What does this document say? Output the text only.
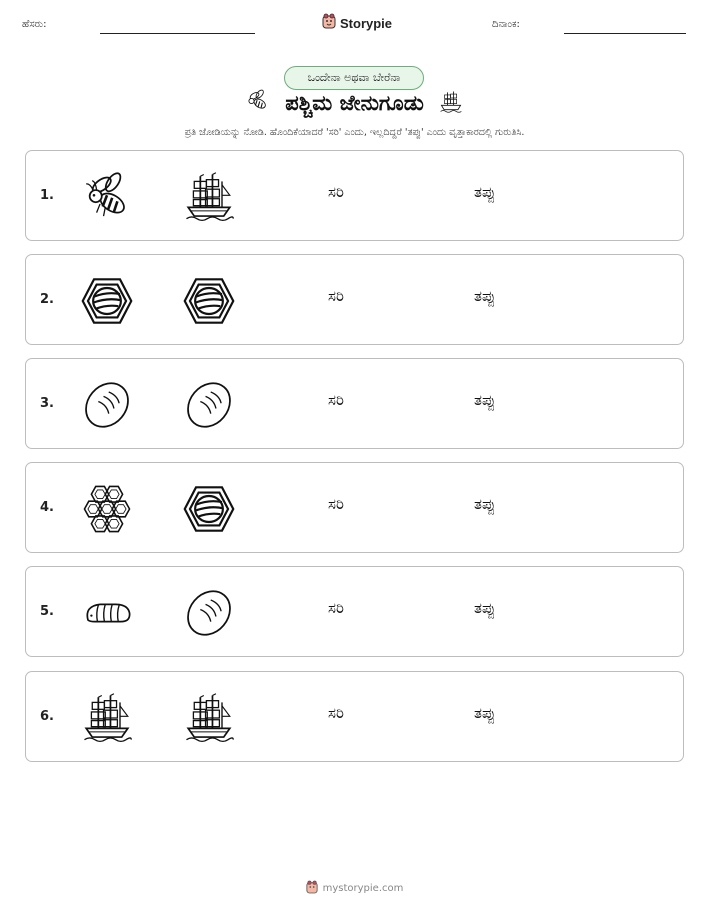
ಹೆಸರು:	Storypie	ದಿನಾಂಕ:
ಒಂದೇನಾ ಅಥವಾ ಬೇರೆನಾ
ಪಶ್ಚಿಮ ಜೇನುಗೂಡು
ಪ್ರತಿ ಜೋಡಿಯನ್ನು ನೋಡಿ. ಹೊಂದಿಕೆಯಾದರೆ 'ಸರಿ' ಎಂದು, ಇಲ್ಲದಿದ್ದರೆ 'ತಪ್ಪು' ಎಂದು ವೃತ್ತಾಕಾರದಲ್ಲಿ ಗುರುತಿಸಿ.
1.	ಸರಿ	ತಪ್ಪು
2.	ಸರಿ	ತಪ್ಪು
3.	ಸರಿ	ತಪ್ಪು
4.	ಸರಿ	ತಪ್ಪು
5.	ಸರಿ	ತಪ್ಪು
6.	ಸರಿ	ತಪ್ಪು
mystorypie.com
